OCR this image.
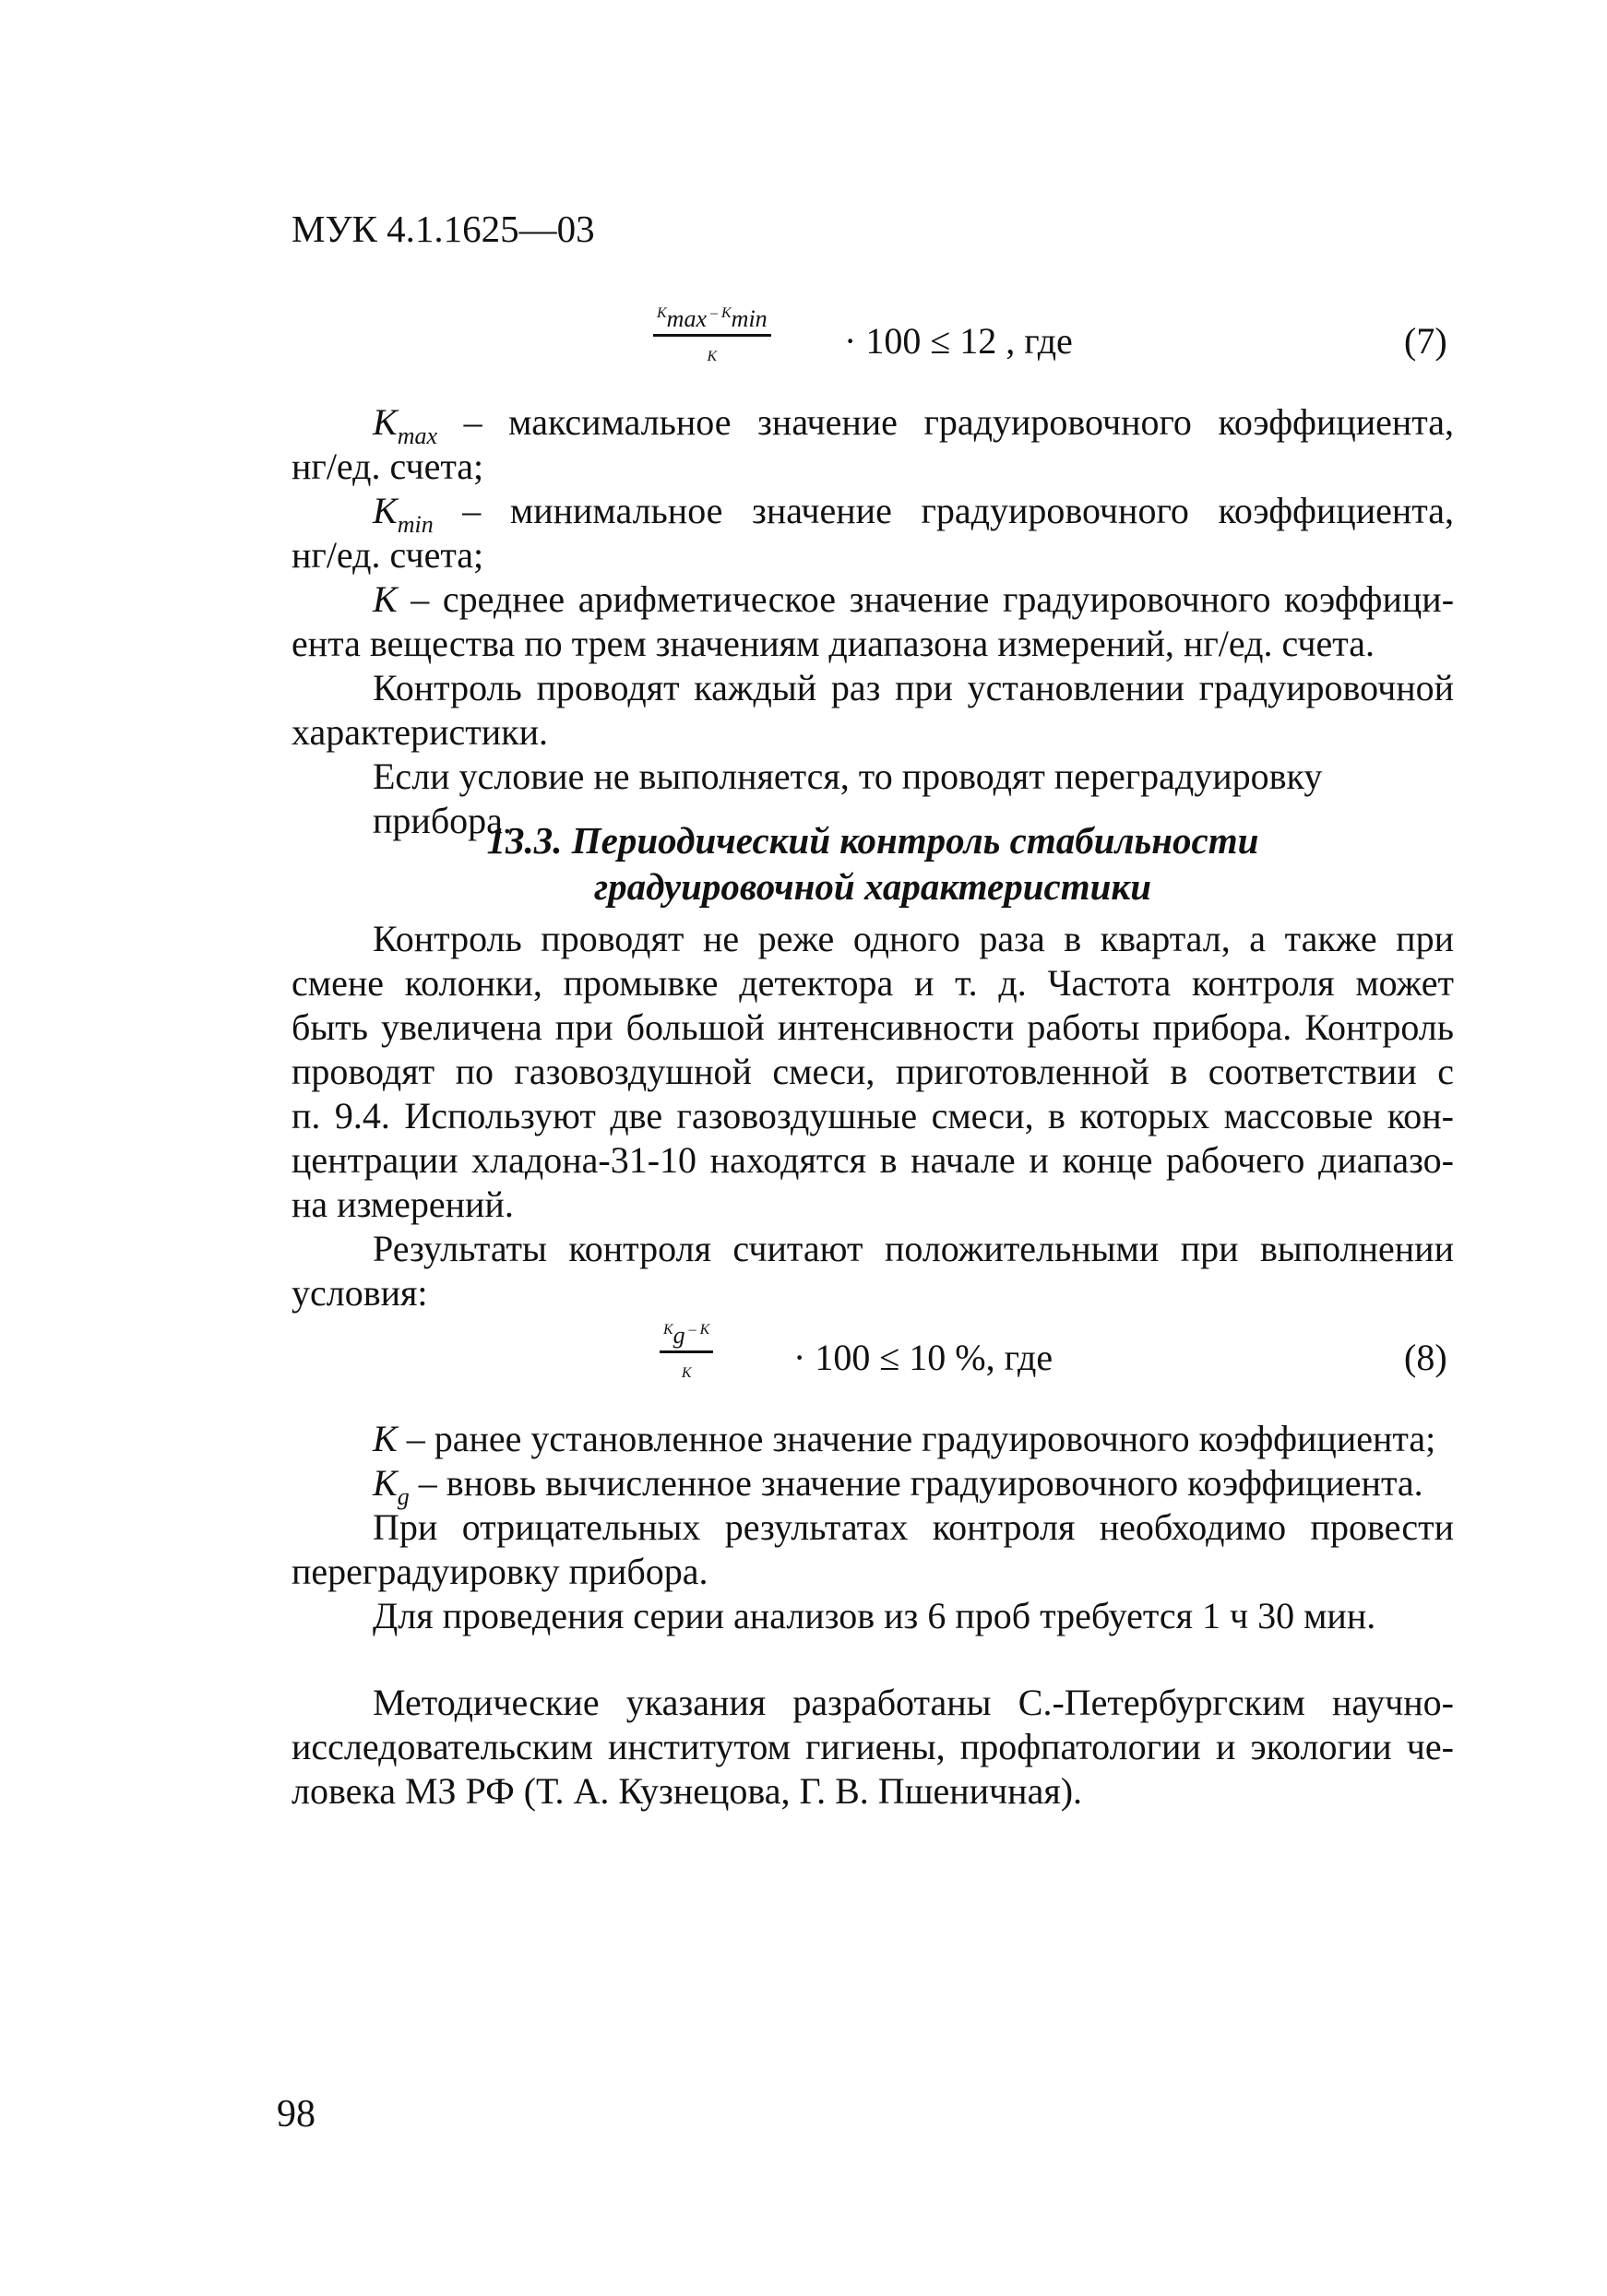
МУК 4.1.1625—03
$K_{max} - K_{min}$
K	· 100 ≤ 12 , где	(7)
$K_{max}$ – максимальное значение градуировочного коэффициента,
нг/ед. счета;
$K_{min}$ – минимальное значение градуировочного коэффициента,
нг/ед. счета;
K – среднее арифметическое значение градуировочного коэффици-
ента вещества по трем значениям диапазона измерений, нг/ед. счета.
Контроль проводят каждый раз при установлении градуировочной
характеристики.
Если условие не выполняется, то проводят переградуировку прибора.
13.3. Периодический контроль стабильности
градуировочной характеристики
Контроль проводят не реже одного раза в квартал, а также при
смене колонки, промывке детектора и т. д. Частота контроля может
быть увеличена при большой интенсивности работы прибора. Контроль
проводят по газовоздушной смеси, приготовленной в соответствии с
п. 9.4. Используют две газовоздушные смеси, в которых массовые кон-
центрации хладона-31-10 находятся в начале и конце рабочего диапазо-
на измерений.
Результаты контроля считают положительными при выполнении
условия:
$\frac{K_g - K}{K} \cdot 100 \le 10$ %, где	(8)
K – ранее установленное значение градуировочного коэффициента;
$K_g$ – вновь вычисленное значение градуировочного коэффициента.
При отрицательных результатах контроля необходимо провести
переградуировку прибора.
Для проведения серии анализов из 6 проб требуется 1 ч 30 мин.
Методические указания разработаны С.-Петербургским научно-
исследовательским институтом гигиены, профпатологии и экологии че-
ловека МЗ РФ (Т. А. Кузнецова, Г. В. Пшеничная).
98
